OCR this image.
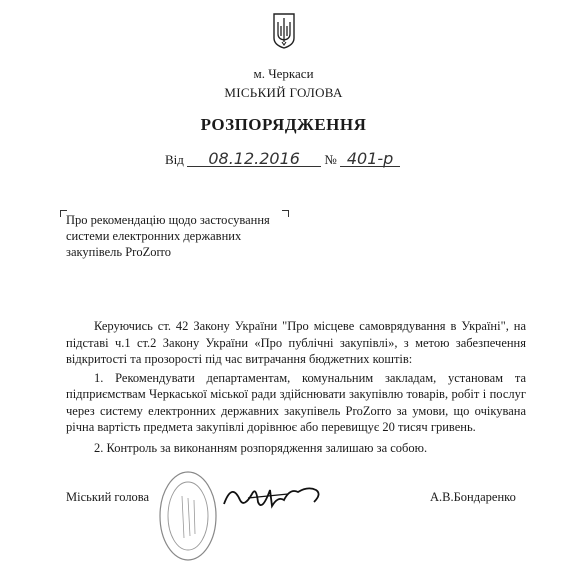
м. Черкаси
МІСЬКИЙ ГОЛОВА
РОЗПОРЯДЖЕННЯ
Від 08.12.2016 № 401-р
Про рекомендацію щодо застосування
системи електронних державних
закупівель ProZorro

Керуючись ст. 42 Закону України "Про місцеве самоврядування в Україні", на підставі ч.1 ст.2 Закону України «Про публічні закупівлі», з метою забезпечення відкритості та прозорості під час витрачання бюджетних коштів:

1. Рекомендувати департаментам, комунальним закладам, установам та підприємствам Черкаської міської ради здійснювати закупівлю товарів, робіт і послуг через систему електронних державних закупівель ProZorro за умови, що очікувана річна вартість предмета закупівлі дорівнює або перевищує 20 тисяч гривень.

2. Контроль за виконанням розпорядження залишаю за собою.

Міський голова	А.В.Бондаренко
